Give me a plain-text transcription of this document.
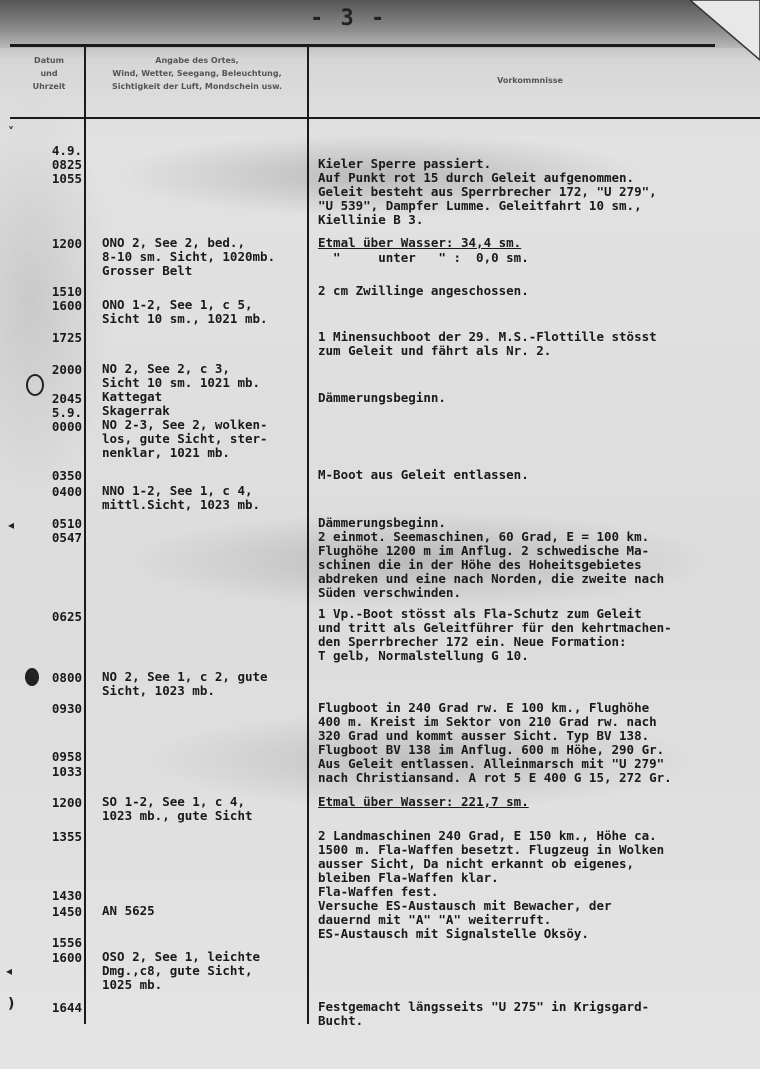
- 3 -
Datum
und
Uhrzeit
Angabe des Ortes,
Wind, Wetter, Seegang, Beleuchtung,
Sichtigkeit der Luft, Mondschein usw.
Vorkommnisse
˅
◂
◂
)
4.9.
0825
1055
1200
1510
1600
1725
2000
2045
5.9.
0000
0350
0400
0510
0547
0625
0800
0930
0958
1033
1200
1355
1430
1450
1556
1600
1644
ONO 2, See 2, bed.,
8-10 sm. Sicht, 1020mb.
Grosser Belt
ONO 1-2, See 1, c 5,
Sicht 10 sm., 1021 mb.
NO 2, See 2, c 3,
Sicht 10 sm. 1021 mb.
Kattegat
Skagerrak
NO 2-3, See 2, wolken-
los, gute Sicht, ster-
nenklar, 1021 mb.
NNO 1-2, See 1, c 4,
mittl.Sicht, 1023 mb.
NO 2, See 1, c 2, gute
Sicht, 1023 mb.
SO 1-2, See 1, c 4,
1023 mb., gute Sicht
AN 5625
OSO 2, See 1, leichte
Dmg.,c8, gute Sicht,
1025 mb.
Kieler Sperre passiert.
Auf Punkt rot 15 durch Geleit aufgenommen.
Geleit besteht aus Sperrbrecher 172, "U 279",
"U 539", Dampfer Lumme. Geleitfahrt 10 sm.,
Kiellinie B 3.
Etmal über Wasser: 34,4 sm.
"     unter   " :  0,0 sm.
2 cm Zwillinge angeschossen.
1 Minensuchboot der 29. M.S.-Flottille stösst
zum Geleit und fährt als Nr. 2.
Dämmerungsbeginn.
M-Boot aus Geleit entlassen.
Dämmerungsbeginn.
2 einmot. Seemaschinen, 60 Grad, E = 100 km.
Flughöhe 1200 m im Anflug. 2 schwedische Ma-
schinen die in der Höhe des Hoheitsgebietes
abdreken und eine nach Norden, die zweite nach
Süden verschwinden.
1 Vp.-Boot stösst als Fla-Schutz zum Geleit
und tritt als Geleitführer für den kehrtmachen-
den Sperrbrecher 172 ein. Neue Formation:
T gelb, Normalstellung G 10.
Flugboot in 240 Grad rw. E 100 km., Flughöhe
400 m. Kreist im Sektor von 210 Grad rw. nach
320 Grad und kommt ausser Sicht. Typ BV 138.
Flugboot BV 138 im Anflug. 600 m Höhe, 290 Gr.
Aus Geleit entlassen. Alleinmarsch mit "U 279"
nach Christiansand. A rot 5 E 400 G 15, 272 Gr.
Etmal über Wasser: 221,7 sm.
2 Landmaschinen 240 Grad, E 150 km., Höhe ca.
1500 m. Fla-Waffen besetzt. Flugzeug in Wolken
ausser Sicht, Da nicht erkannt ob eigenes,
bleiben Fla-Waffen klar.
Fla-Waffen fest.
Versuche ES-Austausch mit Bewacher, der
dauernd mit "A" "A" weiterruft.
ES-Austausch mit Signalstelle Oksöy.
Festgemacht längsseits "U 275" in Krigsgard-
Bucht.
